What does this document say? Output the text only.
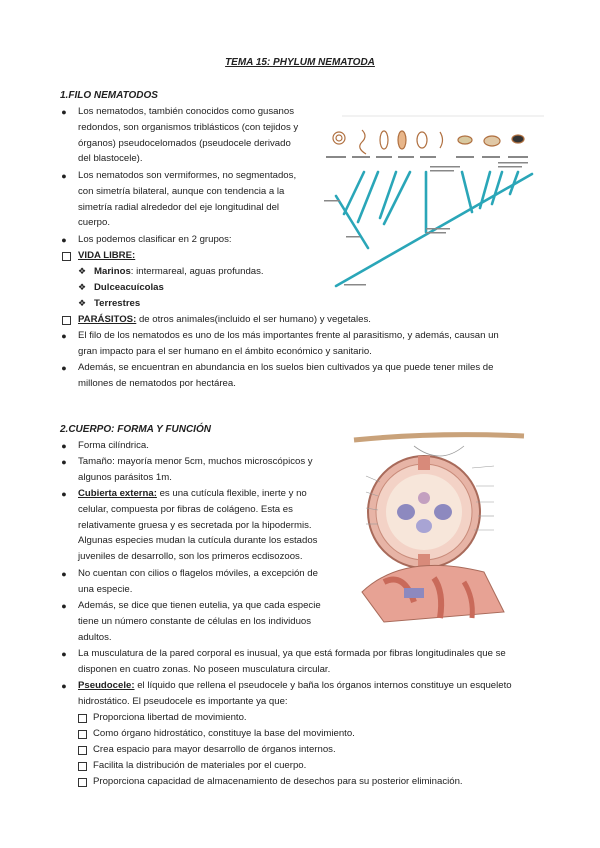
TEMA 15: PHYLUM NEMATODA
1.FILO NEMATODOS
● Los nematodos, también conocidos como gusanos
redondos, son organismos triblásticos (con tejidos y
órganos) pseudocelomados (pseudocele derivado
del blastocele).
● Los nematodos son vermiformes, no segmentados,
con simetría bilateral, aunque con tendencia a la
simetría radial alrededor del eje longitudinal del
cuerpo.
● Los podemos clasificar en 2 grupos:
VIDA LIBRE:
❖ Marinos: intermareal, aguas profundas.
❖ Dulceacuícolas
❖ Terrestres
PARÁSITOS: de otros animales(incluido el ser humano) y vegetales.
● El filo de los nematodos es uno de los más importantes frente al parasitismo, y además, causan un
gran impacto para el ser humano en el ámbito económico y sanitario.
● Además, se encuentran en abundancia en los suelos bien cultivados ya que puede tener miles de
millones de nematodos por hectárea.
2.CUERPO: FORMA Y FUNCIÓN
● Forma cilíndrica.
● Tamaño: mayoría menor 5cm, muchos microscópicos y
algunos parásitos 1m.
● Cubierta externa: es una cutícula flexible, inerte y no
celular, compuesta por fibras de colágeno. Esta es
relativamente gruesa y es secretada por la hipodermis.
Algunas especies mudan la cutícula durante los estados
juveniles de desarrollo, son los primeros ecdisozoos.
● No cuentan con cilios o flagelos móviles, a excepción de
una especie.
● Además, se dice que tienen eutelia, ya que cada especie
tiene un número constante de células en los individuos
adultos.
● La musculatura de la pared corporal es inusual, ya que está formada por fibras longitudinales que se
disponen en cuatro zonas. No poseen musculatura circular.
● Pseudocele: el líquido que rellena el pseudocele y baña los órganos internos constituye un esqueleto
hidrostático. El pseudocele es importante ya que:
Proporciona libertad de movimiento.
Como órgano hidrostático, constituye la base del movimiento.
Crea espacio para mayor desarrollo de órganos internos.
Facilita la distribución de materiales por el cuerpo.
Proporciona capacidad de almacenamiento de desechos para su posterior eliminación.
